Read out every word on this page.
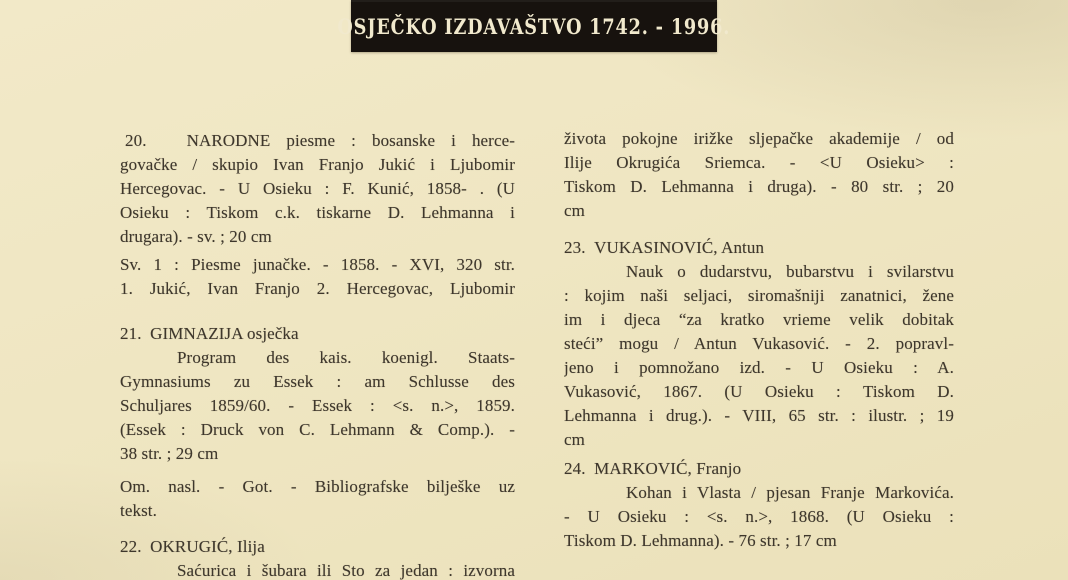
OSJEČKO IZDAVAŠTVO 1742. - 1996.
20. NARODNE piesme : bosanske i herce-
govačke / skupio Ivan Franjo Jukić i Ljubomir
Hercegovac. - U Osieku : F. Kunić, 1858- . (U
Osieku : Tiskom c.k. tiskarne D. Lehmanna i
drugara). - sv. ; 20 cm
Sv. 1 : Piesme junačke. - 1858. - XVI, 320 str.
1. Jukić, Ivan Franjo 2. Hercegovac, Ljubomir
21. GIMNAZIJA osječka
Program des kais. koenigl. Staats-
Gymnasiums zu Essek : am Schlusse des
Schuljares 1859/60. - Essek : <s. n.>, 1859.
(Essek : Druck von C. Lehmann & Comp.). -
38 str. ; 29 cm
Om. nasl. - Got. - Bibliografske bilješke uz
tekst.
22. OKRUGIĆ, Ilija
Saćurica i šubara ili Sto za jedan : izvorna
života pokojne irižke sljepačke akademije / od
Ilije Okrugića Sriemca. - <U Osieku> :
Tiskom D. Lehmanna i druga). - 80 str. ; 20
cm
23. VUKASINOVIĆ, Antun
Nauk o dudarstvu, bubarstvu i svilarstvu
: kojim naši seljaci, siromašniji zanatnici, žene
im i djeca “za kratko vrieme velik dobitak
steći” mogu / Antun Vukasović. - 2. popravl-
jeno i pomnožano izd. - U Osieku : A.
Vukasović, 1867. (U Osieku : Tiskom D.
Lehmanna i drug.). - VIII, 65 str. : ilustr. ; 19
cm
24. MARKOVIĆ, Franjo
Kohan i Vlasta / pjesan Franje Markovića.
- U Osieku : <s. n.>, 1868. (U Osieku :
Tiskom D. Lehmanna). - 76 str. ; 17 cm
